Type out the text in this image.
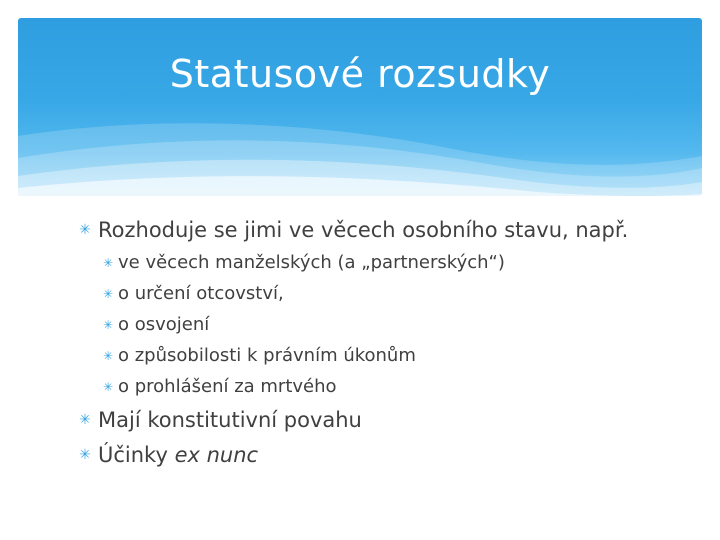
Statusové rozsudky
✳ Rozhoduje se jimi ve věcech osobního stavu, např.
✳ ve věcech manželských (a „partnerských“)
✳ o určení otcovství,
✳ o osvojení
✳ o způsobilosti k právním úkonům
✳ o prohlášení za mrtvého
✳ Mají konstitutivní povahu
✳ Účinky ex nunc
